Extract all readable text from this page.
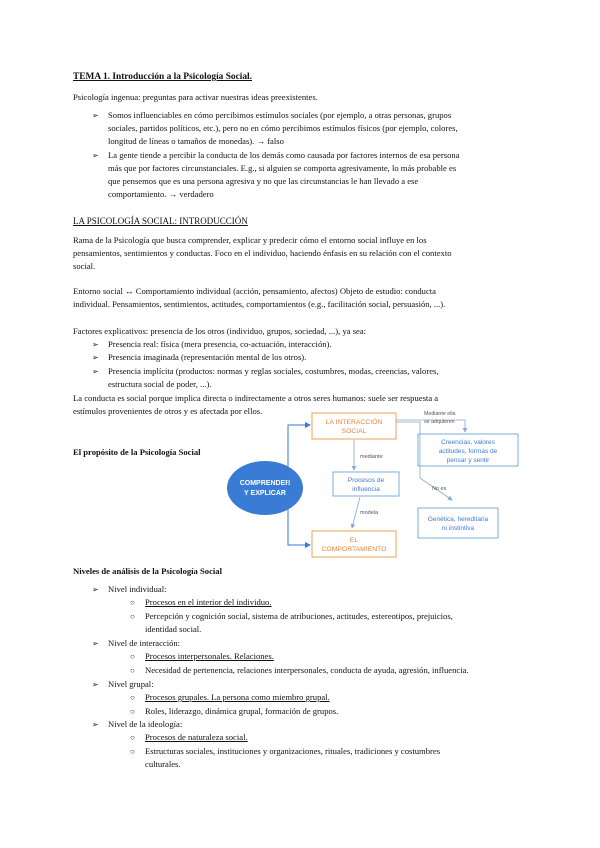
TEMA 1. Introducción a la Psicología Social.
Psicología ingenua: preguntas para activar nuestras ideas preexistentes.
➢ Somos influenciables en cómo percibimos estímulos sociales (por ejemplo, a otras personas, grupos
sociales, partidos políticos, etc.), pero no en cómo percibimos estímulos físicos (por ejemplo, colores,
longitud de líneas o tamaños de monedas). → falso
➢ La gente tiende a percibir la conducta de los demás como causada por factores internos de esa persona
más que por factores circunstanciales. E.g., si alguien se comporta agresivamente, lo más probable es
que pensemos que es una persona agresiva y no que las circunstancias le han llevado a ese
comportamiento. → verdadero
LA PSICOLOGÍA SOCIAL: INTRODUCCIÓN
Rama de la Psicología que busca comprender, explicar y predecir cómo el entorno social influye en los
pensamientos, sentimientos y conductas. Foco en el individuo, haciendo énfasis en su relación con el contexto
social.
Entorno social ↔ Comportamiento individual (acción, pensamiento, afectos) Objeto de estudio: conducta
individual. Pensamientos, sentimientos, actitudes, comportamientos (e.g., facilitación social, persuasión, ...).
Factores explicativos: presencia de los otros (individuo, grupos, sociedad, ...), ya sea:
➢ Presencia real: física (mera presencia, co-actuación, interacción).
➢ Presencia imaginada (representación mental de los otros).
➢ Presencia implícita (productos: normas y reglas sociales, costumbres, modas, creencias, valores,
estructura social de poder, ...).
La conducta es social porque implica directa o indirectamente a otros seres humanos: suele ser respuesta a
estímulos provenientes de otros y es afectada por ellos.
El propósito de la Psicología Social
COMPRENDER
Y EXPLICAR
LA INTERACCIÓN
SOCIAL
mediante
Procesos de
influencia
modela
EL
COMPORTAMIENTO
Mediante ella
se adquieren
Creencias, valores
actitudes, formas de
pensar y sentir
No es
Genética, hereditaria
ni instintiva
Niveles de análisis de la Psicología Social
➢ Nivel individual:
○ Procesos en el interior del individuo.
○ Percepción y cognición social, sistema de atribuciones, actitudes, estereotipos, prejuicios,
identidad social.
➢ Nivel de interacción:
○ Procesos interpersonales. Relaciones.
○ Necesidad de pertenencia, relaciones interpersonales, conducta de ayuda, agresión, influencia.
➢ Nivel grupal:
○ Procesos grupales. La persona como miembro grupal.
○ Roles, liderazgo, dinámica grupal, formación de grupos.
➢ Nivel de la ideología:
○ Procesos de naturaleza social.
○ Estructuras sociales, instituciones y organizaciones, rituales, tradiciones y costumbres
culturales.
